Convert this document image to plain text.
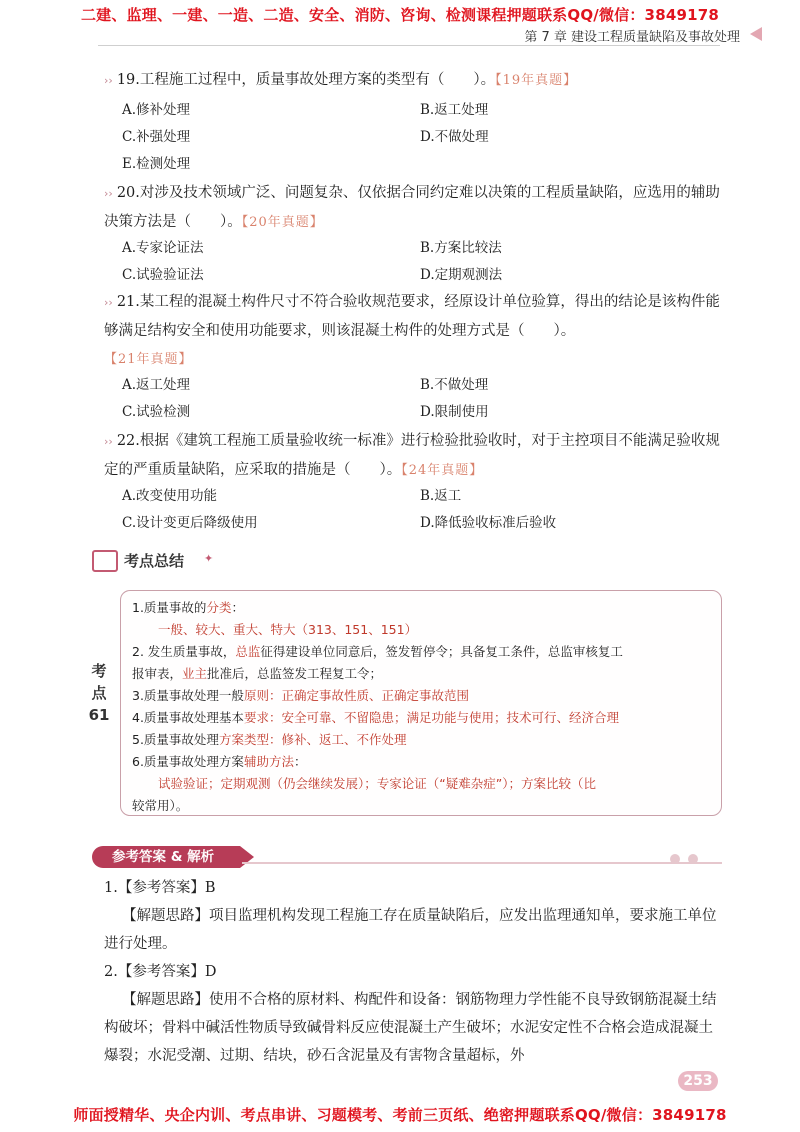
二建、监理、一建、一造、二造、安全、消防、咨询、检测课程押题联系QQ/微信：3849178
第 7 章 建设工程质量缺陷及事故处理
›› 19.工程施工过程中，质量事故处理方案的类型有（　　）。【19年真题】
A.修补处理	B.返工处理
C.补强处理	D.不做处理
E.检测处理
›› 20.对涉及技术领域广泛、问题复杂、仅依据合同约定难以决策的工程质量缺陷，应选用的辅助决策方法是（　　）。【20年真题】
A.专家论证法	B.方案比较法
C.试验验证法	D.定期观测法
›› 21.某工程的混凝土构件尺寸不符合验收规范要求，经原设计单位验算，得出的结论是该构件能够满足结构安全和使用功能要求，则该混凝土构件的处理方式是（　　）。
【21年真题】
A.返工处理	B.不做处理
C.试验检测	D.限制使用
›› 22.根据《建筑工程施工质量验收统一标准》进行检验批验收时，对于主控项目不能满足验收规定的严重质量缺陷，应采取的措施是（　　）。【24年真题】
A.改变使用功能	B.返工
C.设计变更后降级使用	D.降低验收标准后验收
考点总结 ✦
考
点
61
1.质量事故的分类：
一般、较大、重大、特大（313、151、151）
2. 发生质量事故，总监征得建设单位同意后，签发暂停令；具备复工条件，总监审核复工
报审表，业主批准后，总监签发工程复工令；
3.质量事故处理一般原则：正确定事故性质、正确定事故范围
4.质量事故处理基本要求：安全可靠、不留隐患；满足功能与使用；技术可行、经济合理
5.质量事故处理方案类型：修补、返工、不作处理
6.质量事故处理方案辅助方法：
试验验证；定期观测（仍会继续发展）；专家论证（“疑难杂症”）；方案比较（比
较常用）。
参考答案 & 解析
1.【参考答案】B
【解题思路】项目监理机构发现工程施工存在质量缺陷后，应发出监理通知单，要求施工单位进行处理。
2.【参考答案】D
【解题思路】使用不合格的原材料、构配件和设备：钢筋物理力学性能不良导致钢筋混凝土结构破坏；骨料中碱活性物质导致碱骨料反应使混凝土产生破坏；水泥安定性不合格会造成混凝土爆裂；水泥受潮、过期、结块，砂石含泥量及有害物含量超标，外
253
师面授精华、央企内训、考点串讲、习题模考、考前三页纸、绝密押题联系QQ/微信：3849178
